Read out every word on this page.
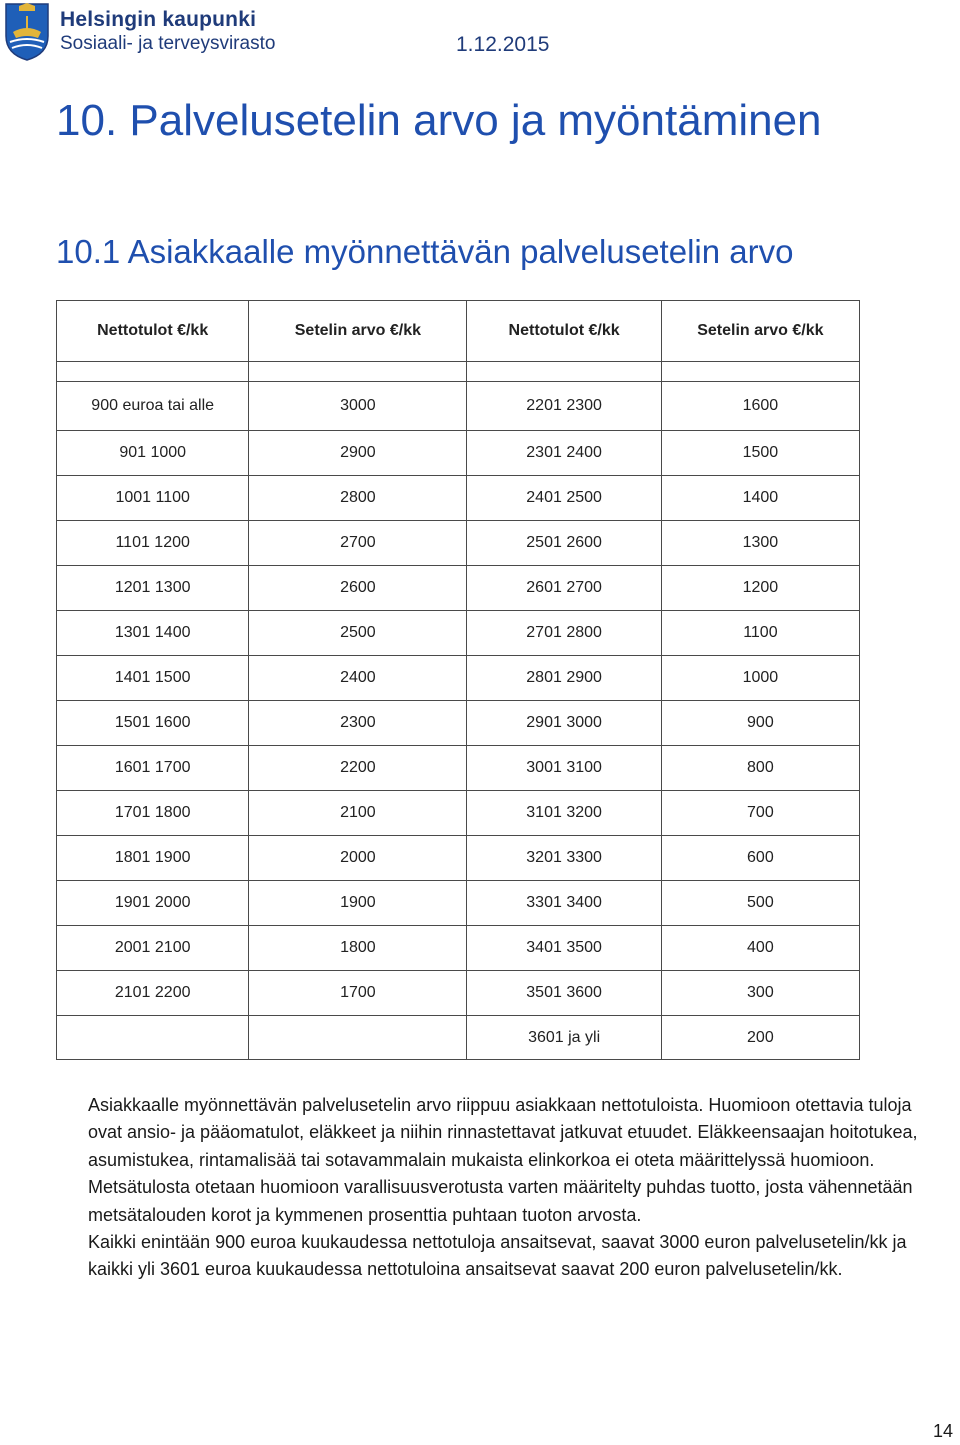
Helsingin kaupunki
Sosiaali- ja terveysvirasto	1.12.2015
10. Palvelusetelin arvo ja myöntäminen
10.1 Asiakkaalle myönnettävän palvelusetelin arvo
Nettotulot €/kk	Setelin arvo €/kk	Nettotulot €/kk	Setelin arvo €/kk

900 euroa tai alle	3000	2201 2300	1600
901 1000	2900	2301 2400	1500
1001 1100	2800	2401 2500	1400
1101 1200	2700	2501 2600	1300
1201 1300	2600	2601 2700	1200
1301 1400	2500	2701 2800	1100
1401 1500	2400	2801 2900	1000
1501 1600	2300	2901 3000	900
1601 1700	2200	3001 3100	800
1701 1800	2100	3101 3200	700
1801 1900	2000	3201 3300	600
1901 2000	1900	3301 3400	500
2001 2100	1800	3401 3500	400
2101 2200	1700	3501 3600	300
		3601 ja yli	200

Asiakkaalle myönnettävän palvelusetelin arvo riippuu asiakkaan nettotuloista. Huomioon otettavia tuloja ovat ansio- ja pääomatulot, eläkkeet ja niihin rinnastettavat jatkuvat etuudet. Eläkkeensaajan hoitotukea, asumistukea, rintamalisää tai sotavammalain mukaista elinkorkoa ei oteta määrittelyssä huomioon. Metsätulosta otetaan huomioon varallisuusverotusta varten määritelty puhdas tuotto, josta vähennetään metsätalouden korot ja kymmenen prosenttia puhtaan tuoton arvosta.

Kaikki enintään 900 euroa kuukaudessa nettotuloja ansaitsevat, saavat 3000 euron palvelusetelin/kk ja kaikki yli 3601 euroa kuukaudessa nettotuloina ansaitsevat saavat 200 euron palvelusetelin/kk.

14
